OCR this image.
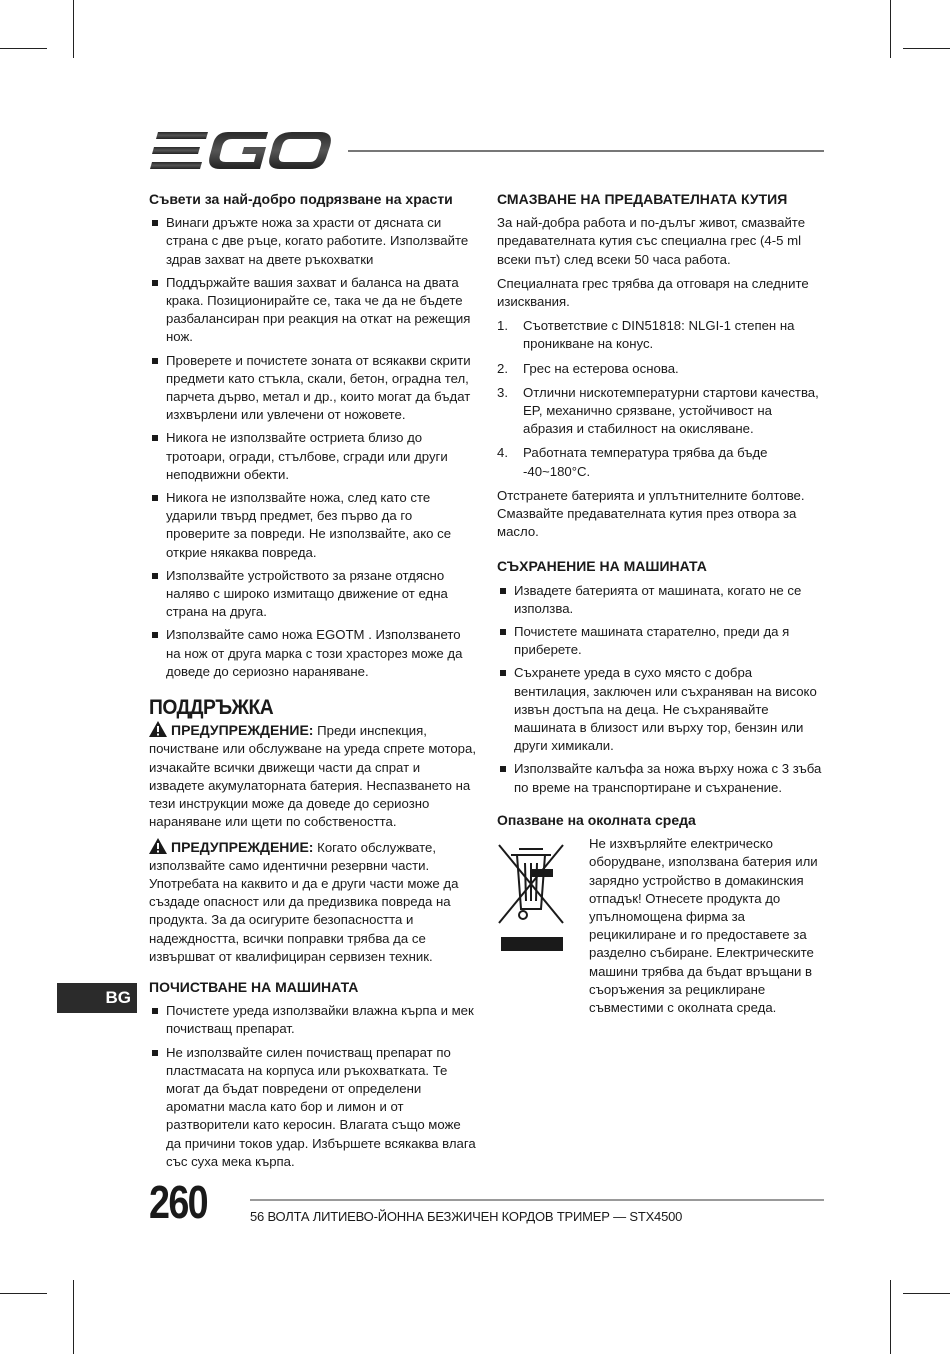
Съвети за най-добро подрязване на храсти
Винаги дръжте ножа за храсти от дясната си страна с две ръце, когато работите. Използвайте здрав захват на двете ръкохватки
Поддържайте вашия захват и баланса на двата крака. Позиционирайте се, така че да не бъдете разбалансиран при реакция на откат на режещия нож.
Проверете и почистете зоната от всякакви скрити предмети като стъкла, скали, бетон, оградна тел, парчета дърво, метал и др., които могат да бъдат изхвърлени или увлечени от ножовете.
Никога не използвайте остриета близо до тротоари, огради, стълбове, сгради или други неподвижни обекти.
Никога не използвайте ножа, след като сте ударили твърд предмет, без първо да го проверите за повреди. Не използвайте, ако се открие някаква повреда.
Използвайте устройството за рязане отдясно наляво с широко измитащо движение от една страна на друга.
Използвайте само ножа EGOTM . Използването на нож от друга марка с този храсторез може да доведе до сериозно нараняване.
ПОДДРЪЖКА

ПРЕДУПРЕЖДЕНИЕ: Преди инспекция, почистване или обслужване на уреда спрете мотора, изчакайте всички движещи части да спрат и извадете акумулаторната батерия. Неспазването на тези инструкции може да доведе до сериозно нараняване или щети по собствеността.

ПРЕДУПРЕЖДЕНИЕ: Когато обслужвате, използвайте само идентични резервни части. Употребата на каквито и да е други части може да създаде опасност или да предизвика повреда на продукта. За да осигурите безопасността и надеждността, всички поправки трябва да се извършват от квалифициран сервизен техник.

ПОЧИСТВАНЕ НА МАШИНАТА
Почистете уреда използвайки влажна кърпа и мек почистващ препарат.
Не използвайте силен почистващ препарат по пластмасата на корпуса или ръкохватката. Те могат да бъдат повредени от определени ароматни масла като бор и лимон и от разтворители като керосин. Влагата също може да причини токов удар. Избършете всякаква влага със суха мека кърпа.
СМАЗВАНЕ НА ПРЕДАВАТЕЛНАТА КУТИЯ

За най-добра работа и по-дълъг живот, смазвайте предавателната кутия със специална грес (4-5 ml всеки път) след всеки 50 часа работа.

Специалната грес трябва да отговаря на следните изисквания.

1. Съответствие с DIN51818: NLGI-1 степен на проникване на конус.
2. Грес на естерова основа.
3. Отлични нискотемпературни стартови качества, EP, механично срязване, устойчивост на абразия и стабилност на окисляване.
4. Работната температура трябва да бъде -40~180°C.

Отстранете батерията и уплътнителните болтове. Смазвайте предавателната кутия през отвора за масло.

СЪХРАНЕНИЕ НА МАШИНАТА
Извадете батерията от машината, когато не се използва.
Почистете машината старателно, преди да я приберете.
Съхранете уреда в сухо място с добра вентилация, заключен или съхраняван на високо извън достъпа на деца. Не съхранявайте машината в близост или върху тор, бензин или други химикали.
Използвайте калъфа за ножа върху ножа с 3 зъба по време на транспортиране и съхранение.
Опазване на околната среда
Не изхвърляйте електрическо оборудване, използвана батерия или зарядно устройство в домакинския отпадък! Отнесете продукта до упълномощена фирма за рецикилиране и го предоставете за разделно събиране. Електрическите машини трябва да бъдат връщани в съоръжения за рециклиране съвместими с околната среда.
BG
260	56 ВОЛТА ЛИТИЕВО-ЙОННА БЕЗЖИЧЕН КОРДОВ ТРИМЕР — STX4500
